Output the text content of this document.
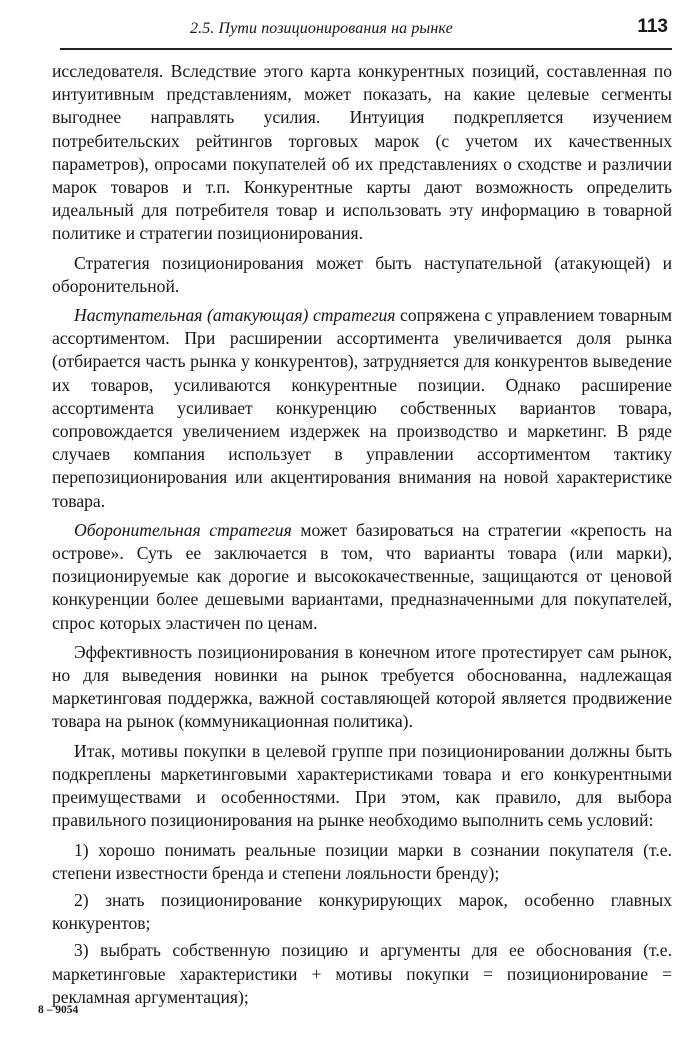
2.5. Пути позиционирования на рынке	113

исследователя. Вследствие этого карта конкурентных позиций, составленная по интуитивным представлениям, может показать, на какие целевые сегменты выгоднее направлять усилия. Интуиция подкрепляется изучением потребительских рейтингов торговых марок (с учетом их качественных параметров), опросами покупателей об их представлениях о сходстве и различии марок товаров и т.п. Конкурентные карты дают возможность определить идеальный для потребителя товар и использовать эту информацию в товарной политике и стратегии позиционирования.

Стратегия позиционирования может быть наступательной (атакующей) и оборонительной.

Наступательная (атакующая) стратегия сопряжена с управлением товарным ассортиментом. При расширении ассортимента увеличивается доля рынка (отбирается часть рынка у конкурентов), затрудняется для конкурентов выведение их товаров, усиливаются конкурентные позиции. Однако расширение ассортимента усиливает конкуренцию собственных вариантов товара, сопровождается увеличением издержек на производство и маркетинг. В ряде случаев компания использует в управлении ассортиментом тактику перепозиционирования или акцентирования внимания на новой характеристике товара.

Оборонительная стратегия может базироваться на стратегии «крепость на острове». Суть ее заключается в том, что варианты товара (или марки), позиционируемые как дорогие и высококачественные, защищаются от ценовой конкуренции более дешевыми вариантами, предназначенными для покупателей, спрос которых эластичен по ценам.

Эффективность позиционирования в конечном итоге протестирует сам рынок, но для выведения новинки на рынок требуется обоснованна, надлежащая маркетинговая поддержка, важной составляющей которой является продвижение товара на рынок (коммуникационная политика).

Итак, мотивы покупки в целевой группе при позиционировании должны быть подкреплены маркетинговыми характеристиками товара и его конкурентными преимуществами и особенностями. При этом, как правило, для выбора правильного позиционирования на рынке необходимо выполнить семь условий:

1) хорошо понимать реальные позиции марки в сознании покупателя (т.е. степени известности бренда и степени лояльности бренду);

2) знать позиционирование конкурирующих марок, особенно главных конкурентов;

3) выбрать собственную позицию и аргументы для ее обоснования (т.е. маркетинговые характеристики + мотивы покупки = позиционирование = рекламная аргументация);

8 – 9054
